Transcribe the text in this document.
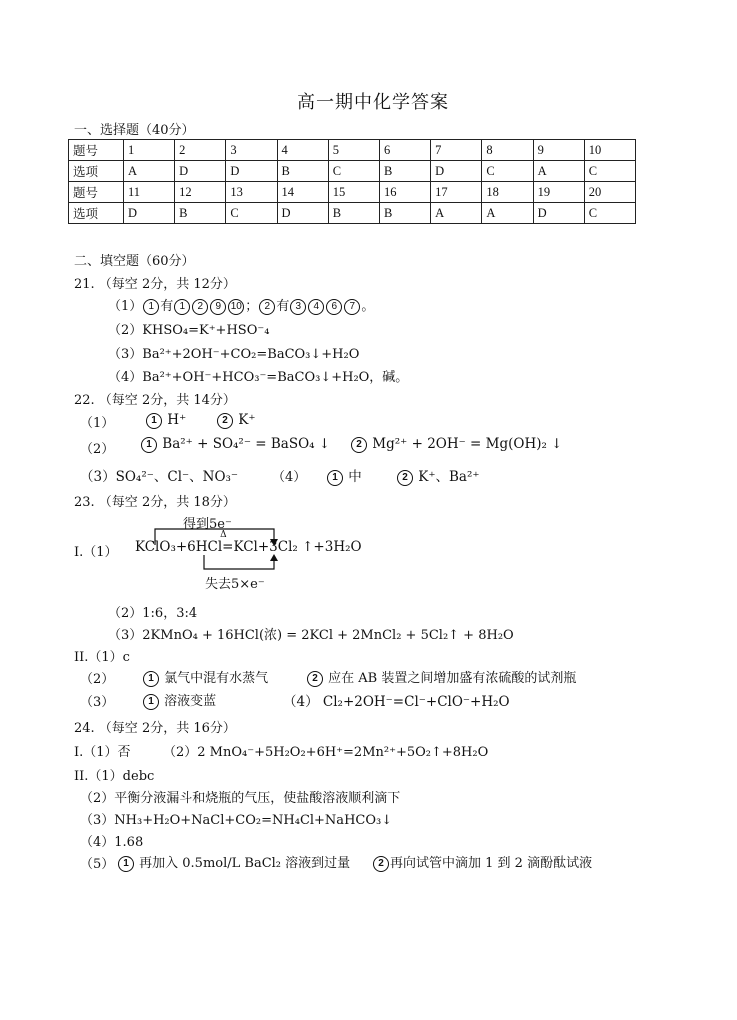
高一期中化学答案
一、选择题（40分）
题号	1	2	3	4	5	6	7	8	9	10
选项	A	D	D	B	C	B	D	C	A	C
题号	11	12	13	14	15	16	17	18	19	20
选项	D	B	C	D	B	B	A	A	D	C
二、填空题（60分）
21. （每空 2分，共 12分）
（1） 1 有 1 2 9 10 ； 2 有 3 4 6 7 。
（2）KHSO₄=K⁺+HSO⁻₄
（3）Ba²⁺+2OH⁻+CO₂=BaCO₃↓+H₂O
（4）Ba²⁺+OH⁻+HCO₃⁻=BaCO₃↓+H₂O，碱。
22. （每空 2分，共 14分）
（1）	1 H⁺	2 K⁺
（2）	1 Ba²⁺ + SO₄²⁻ = BaSO₄ ↓	2 Mg²⁺ + 2OH⁻ = Mg(OH)₂ ↓
（3）SO₄²⁻、Cl⁻、NO₃⁻	（4）	1 中	2 K⁺、Ba²⁺
23. （每空 2分，共 18分）
得到5e⁻
I.（1） KClO₃+6HCl
Δ
=KCl+3Cl₂ ↑+3H₂O
失去5×e⁻
（2）1:6，3:4
（3）2KMnO₄ + 16HCl(浓) = 2KCl + 2MnCl₂ + 5Cl₂↑ + 8H₂O
II.（1）c
（2）	1 氯气中混有水蒸气	2 应在 AB 装置之间增加盛有浓硫酸的试剂瓶
（3）	1 溶液变蓝	（4） Cl₂+2OH⁻=Cl⁻+ClO⁻+H₂O
24. （每空 2分，共 16分）
I.（1）否 （2）2 MnO₄⁻+5H₂O₂+6H⁺=2Mn²⁺+5O₂↑+8H₂O
II.（1）debc
（2）平衡分液漏斗和烧瓶的气压，使盐酸溶液顺利滴下
（3）NH₃+H₂O+NaCl+CO₂=NH₄Cl+NaHCO₃↓
（4）1.68
（5） 1 再加入 0.5mol/L BaCl₂ 溶液到过量	2 再向试管中滴加 1 到 2 滴酚酞试液
